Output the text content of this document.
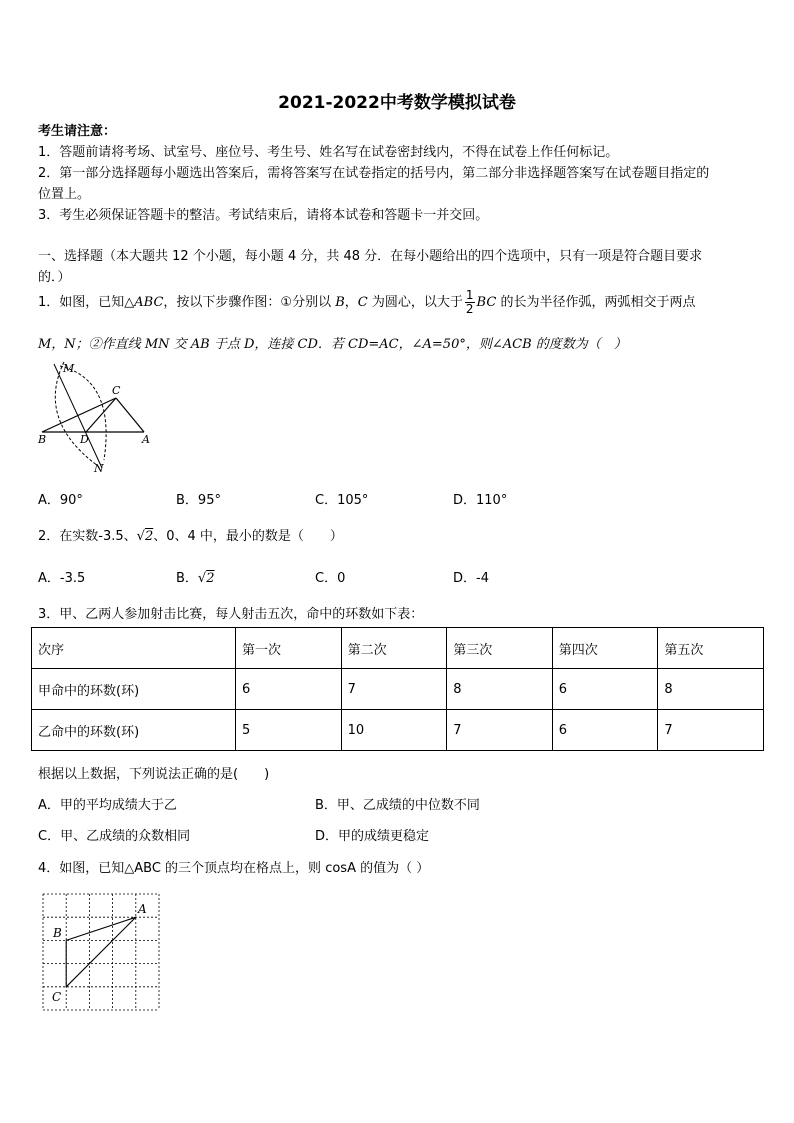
2021-2022中考数学模拟试卷
考生请注意：
1．答题前请将考场、试室号、座位号、考生号、姓名写在试卷密封线内，不得在试卷上作任何标记。
2．第一部分选择题每小题选出答案后，需将答案写在试卷指定的括号内，第二部分非选择题答案写在试卷题目指定的
位置上。
3．考生必须保证答题卡的整洁。考试结束后，请将本试卷和答题卡一并交回。
一、选择题（本大题共 12 个小题，每小题 4 分，共 48 分．在每小题给出的四个选项中，只有一项是符合题目要求
的．）
1．如图，已知△ABC，按以下步骤作图：①分别以 B，C 为圆心，以大于 $\frac{1}{2}$ BC 的长为半径作弧，两弧相交于两点
M，N；②作直线 MN 交 AB 于点 D，连接 CD．若 CD=AC，∠A=50°，则∠ACB 的度数为（　）
M
C
B	D	A
N
A．90°	B．95°	C．105°	D．110°
2．在实数-3.5、√2、0、4 中，最小的数是（　　）
A．-3.5	B．√2	C．0	D．-4
3．甲、乙两人参加射击比赛，每人射击五次，命中的环数如下表：
次序	第一次	第二次	第三次	第四次	第五次
甲命中的环数(环)	6	7	8	6	8
乙命中的环数(环)	5	10	7	6	7
根据以上数据，下列说法正确的是(　　)
A．甲的平均成绩大于乙	B．甲、乙成绩的中位数不同
C．甲、乙成绩的众数相同	D．甲的成绩更稳定
4．如图，已知△ABC 的三个顶点均在格点上，则 cosA 的值为（ ）
A
B
C
